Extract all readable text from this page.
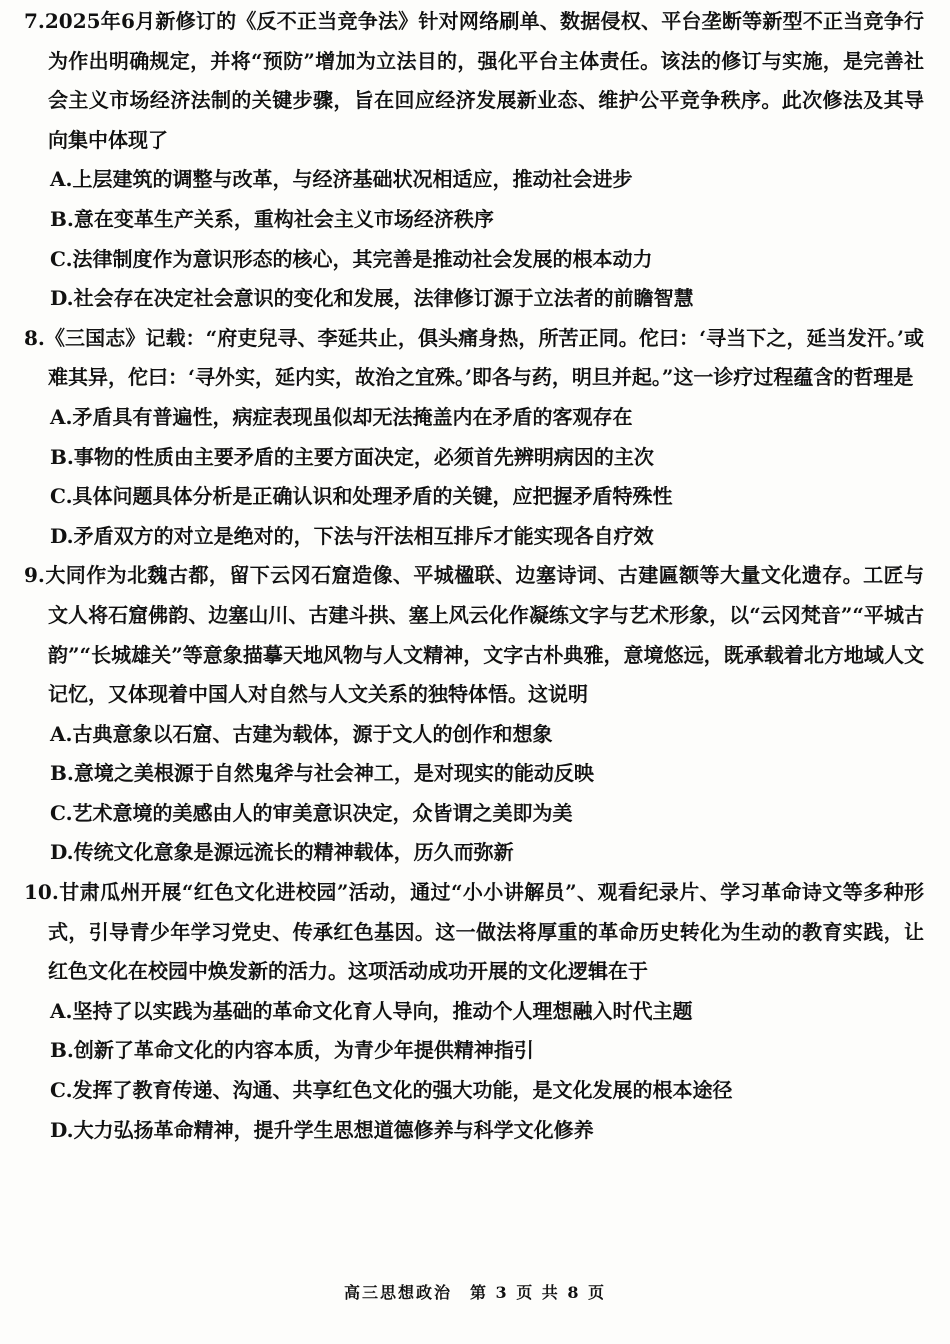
7.2025年6月新修订的《反不正当竞争法》针对网络刷单、数据侵权、平台垄断等新型不正当竞争行为作出明确规定，并将“预防”增加为立法目的，强化平台主体责任。该法的修订与实施，是完善社会主义市场经济法制的关键步骤，旨在回应经济发展新业态、维护公平竞争秩序。此次修法及其导向集中体现了

A.上层建筑的调整与改革，与经济基础状况相适应，推动社会进步
B.意在变革生产关系，重构社会主义市场经济秩序
C.法律制度作为意识形态的核心，其完善是推动社会发展的根本动力
D.社会存在决定社会意识的变化和发展，法律修订源于立法者的前瞻智慧

8.《三国志》记载：“府吏兒寻、李延共止，俱头痛身热，所苦正同。佗曰：‘寻当下之，延当发汗。’或难其异，佗曰：‘寻外实，延内实，故治之宜殊。’即各与药，明旦并起。”这一诊疗过程蕴含的哲理是

A.矛盾具有普遍性，病症表现虽似却无法掩盖内在矛盾的客观存在
B.事物的性质由主要矛盾的主要方面决定，必须首先辨明病因的主次
C.具体问题具体分析是正确认识和处理矛盾的关键，应把握矛盾特殊性
D.矛盾双方的对立是绝对的，下法与汗法相互排斥才能实现各自疗效

9.大同作为北魏古都，留下云冈石窟造像、平城楹联、边塞诗词、古建匾额等大量文化遗存。工匠与文人将石窟佛韵、边塞山川、古建斗拱、塞上风云化作凝练文字与艺术形象，以“云冈梵音”“平城古韵”“长城雄关”等意象描摹天地风物与人文精神，文字古朴典雅，意境悠远，既承载着北方地域人文记忆，又体现着中国人对自然与人文关系的独特体悟。这说明

A.古典意象以石窟、古建为载体，源于文人的创作和想象
B.意境之美根源于自然鬼斧与社会神工，是对现实的能动反映
C.艺术意境的美感由人的审美意识决定，众皆谓之美即为美
D.传统文化意象是源远流长的精神载体，历久而弥新

10.甘肃瓜州开展“红色文化进校园”活动，通过“小小讲解员”、观看纪录片、学习革命诗文等多种形式，引导青少年学习党史、传承红色基因。这一做法将厚重的革命历史转化为生动的教育实践，让红色文化在校园中焕发新的活力。这项活动成功开展的文化逻辑在于

A.坚持了以实践为基础的革命文化育人导向，推动个人理想融入时代主题
B.创新了革命文化的内容本质，为青少年提供精神指引
C.发挥了教育传递、沟通、共享红色文化的强大功能，是文化发展的根本途径
D.大力弘扬革命精神，提升学生思想道德修养与科学文化修养
高三思想政治　第 3 页 共 8 页
